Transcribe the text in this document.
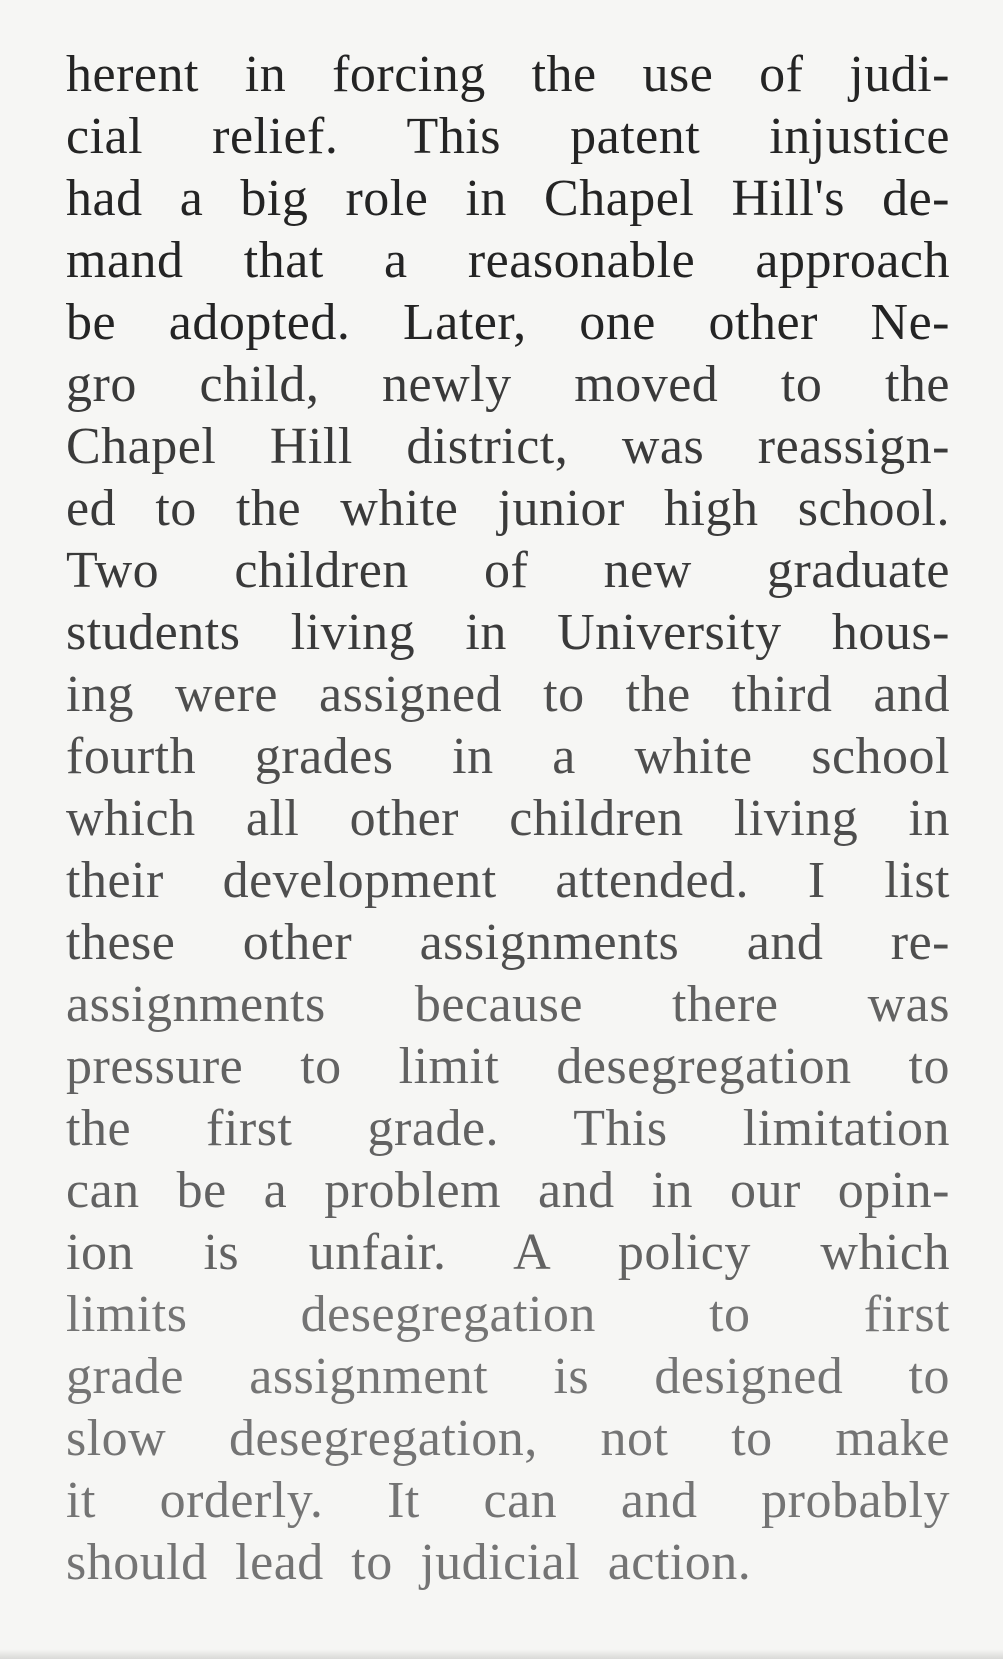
herent in forcing the use of judi-
cial relief. This patent injustice
had a big role in Chapel Hill's de-
mand that a reasonable approach
be adopted. Later, one other Ne-
gro child, newly moved to the
Chapel Hill district, was reassign-
ed to the white junior high school.
Two children of new graduate
students living in University hous-
ing were assigned to the third and
fourth grades in a white school
which all other children living in
their development attended. I list
these other assignments and re-
assignments because there was
pressure to limit desegregation to
the first grade. This limitation
can be a problem and in our opin-
ion is unfair. A policy which
limits desegregation to first
grade assignment is designed to
slow desegregation, not to make
it orderly. It can and probably
should lead to judicial action.
